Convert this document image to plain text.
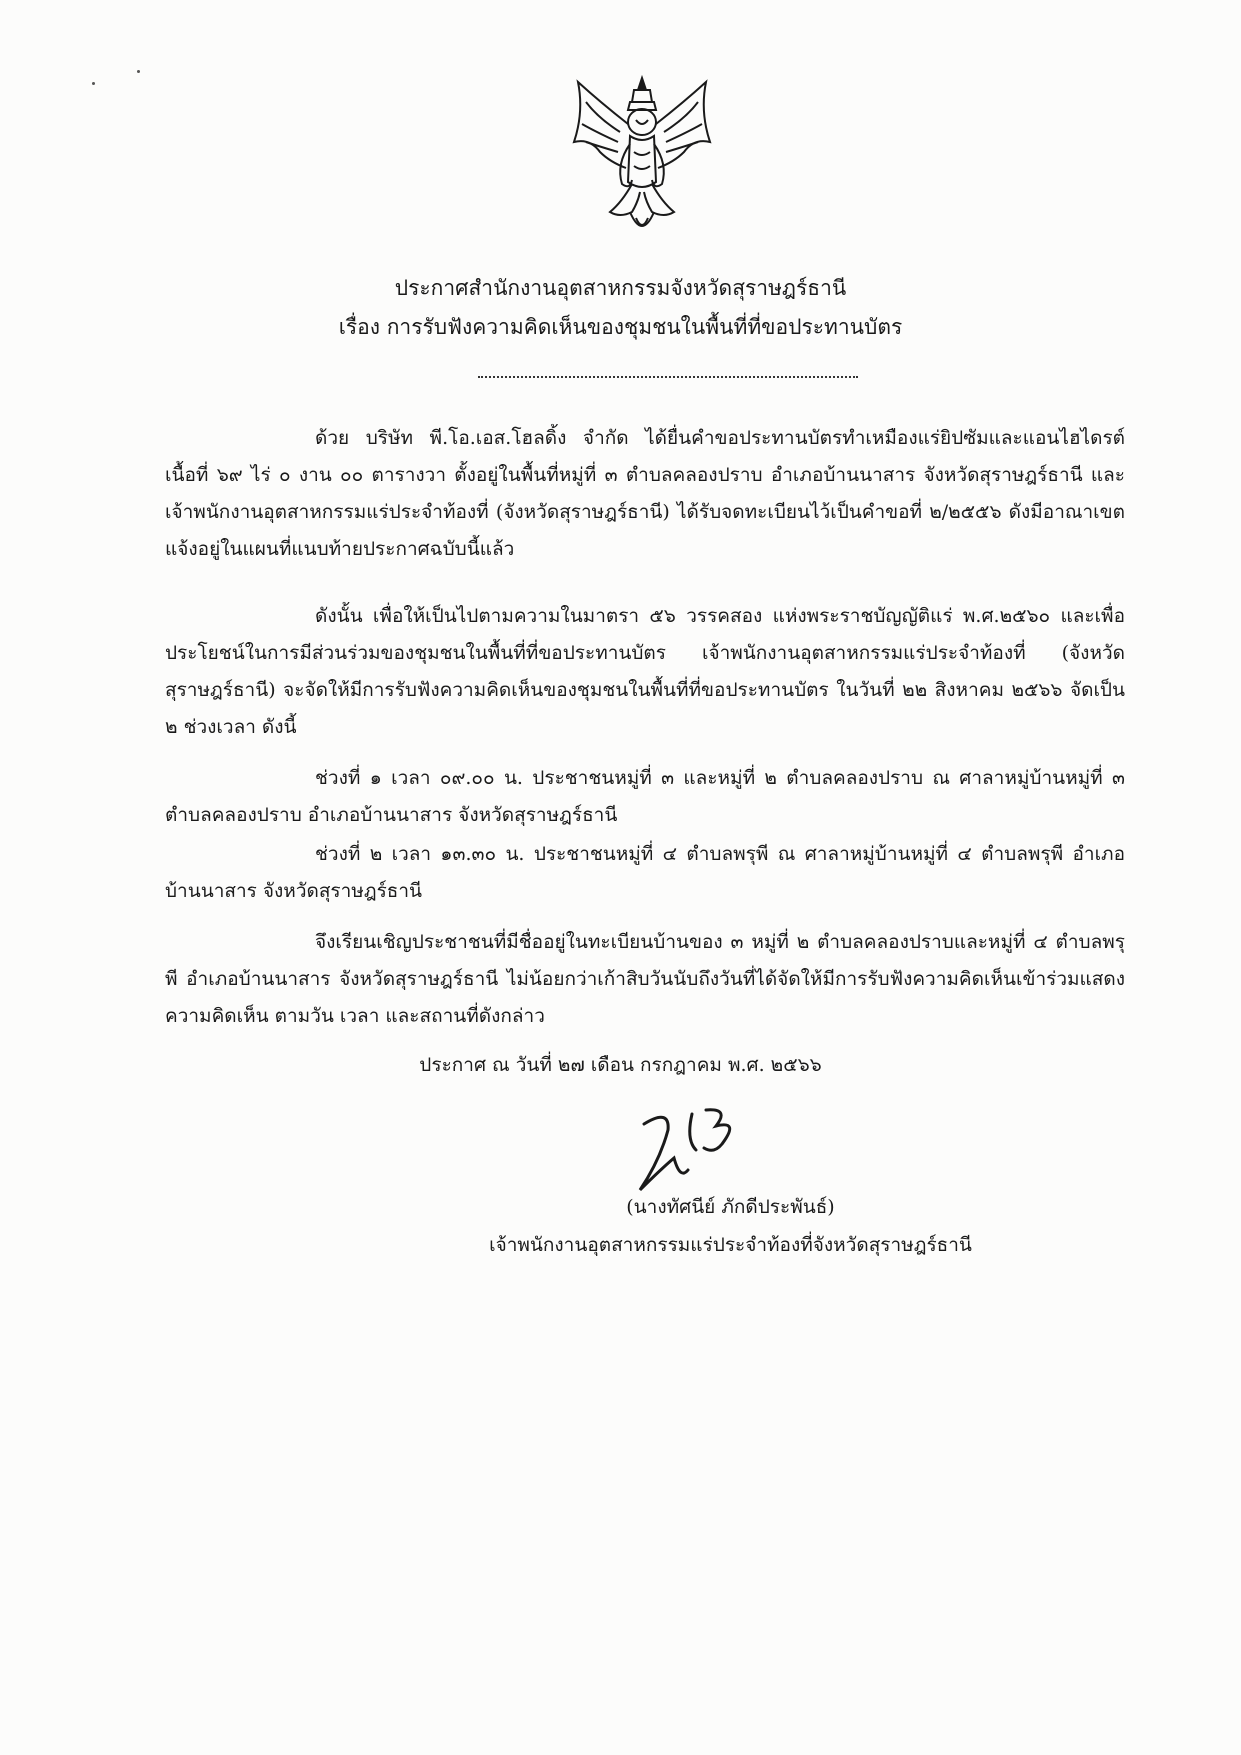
ประกาศสำนักงานอุตสาหกรรมจังหวัดสุราษฎร์ธานี
เรื่อง การรับฟังความคิดเห็นของชุมชนในพื้นที่ที่ขอประทานบัตร
ด้วย บริษัท พี.โอ.เอส.โฮลดิ้ง จำกัด ได้ยื่นคำขอประทานบัตรทำเหมืองแร่ยิปซัมและแอนไฮไดรต์ เนื้อที่ ๖๙ ไร่ ๐ งาน ๐๐ ตารางวา ตั้งอยู่ในพื้นที่หมู่ที่ ๓ ตำบลคลองปราบ อำเภอบ้านนาสาร จังหวัดสุราษฎร์ธานี และเจ้าพนักงานอุตสาหกรรมแร่ประจำท้องที่ (จังหวัดสุราษฎร์ธานี) ได้รับจดทะเบียนไว้เป็นคำขอที่ ๒/๒๕๕๖ ดังมีอาณาเขตแจ้งอยู่ในแผนที่แนบท้ายประกาศฉบับนี้แล้ว
ดังนั้น เพื่อให้เป็นไปตามความในมาตรา ๕๖ วรรคสอง แห่งพระราชบัญญัติแร่ พ.ศ.๒๕๖๐ และเพื่อประโยชน์ในการมีส่วนร่วมของชุมชนในพื้นที่ที่ขอประทานบัตร เจ้าพนักงานอุตสาหกรรมแร่ประจำท้องที่ (จังหวัดสุราษฎร์ธานี) จะจัดให้มีการรับฟังความคิดเห็นของชุมชนในพื้นที่ที่ขอประทานบัตร ในวันที่ ๒๒ สิงหาคม ๒๕๖๖ จัดเป็น ๒ ช่วงเวลา ดังนี้
ช่วงที่ ๑ เวลา ๐๙.๐๐ น. ประชาชนหมู่ที่ ๓ และหมู่ที่ ๒ ตำบลคลองปราบ ณ ศาลาหมู่บ้านหมู่ที่ ๓ ตำบลคลองปราบ อำเภอบ้านนาสาร จังหวัดสุราษฎร์ธานี
ช่วงที่ ๒ เวลา ๑๓.๓๐ น. ประชาชนหมู่ที่ ๔ ตำบลพรุพี ณ ศาลาหมู่บ้านหมู่ที่ ๔ ตำบลพรุพี อำเภอบ้านนาสาร จังหวัดสุราษฎร์ธานี
จึงเรียนเชิญประชาชนที่มีชื่ออยู่ในทะเบียนบ้านของ ๓ หมู่ที่ ๒ ตำบลคลองปราบและหมู่ที่ ๔ ตำบลพรุพี อำเภอบ้านนาสาร จังหวัดสุราษฎร์ธานี ไม่น้อยกว่าเก้าสิบวันนับถึงวันที่ได้จัดให้มีการรับฟังความคิดเห็นเข้าร่วมแสดงความคิดเห็น ตามวัน เวลา และสถานที่ดังกล่าว
ประกาศ ณ วันที่ ๒๗ เดือน กรกฎาคม พ.ศ. ๒๕๖๖
(นางทัศนีย์ ภักดีประพันธ์)
เจ้าพนักงานอุตสาหกรรมแร่ประจำท้องที่จังหวัดสุราษฎร์ธานี
